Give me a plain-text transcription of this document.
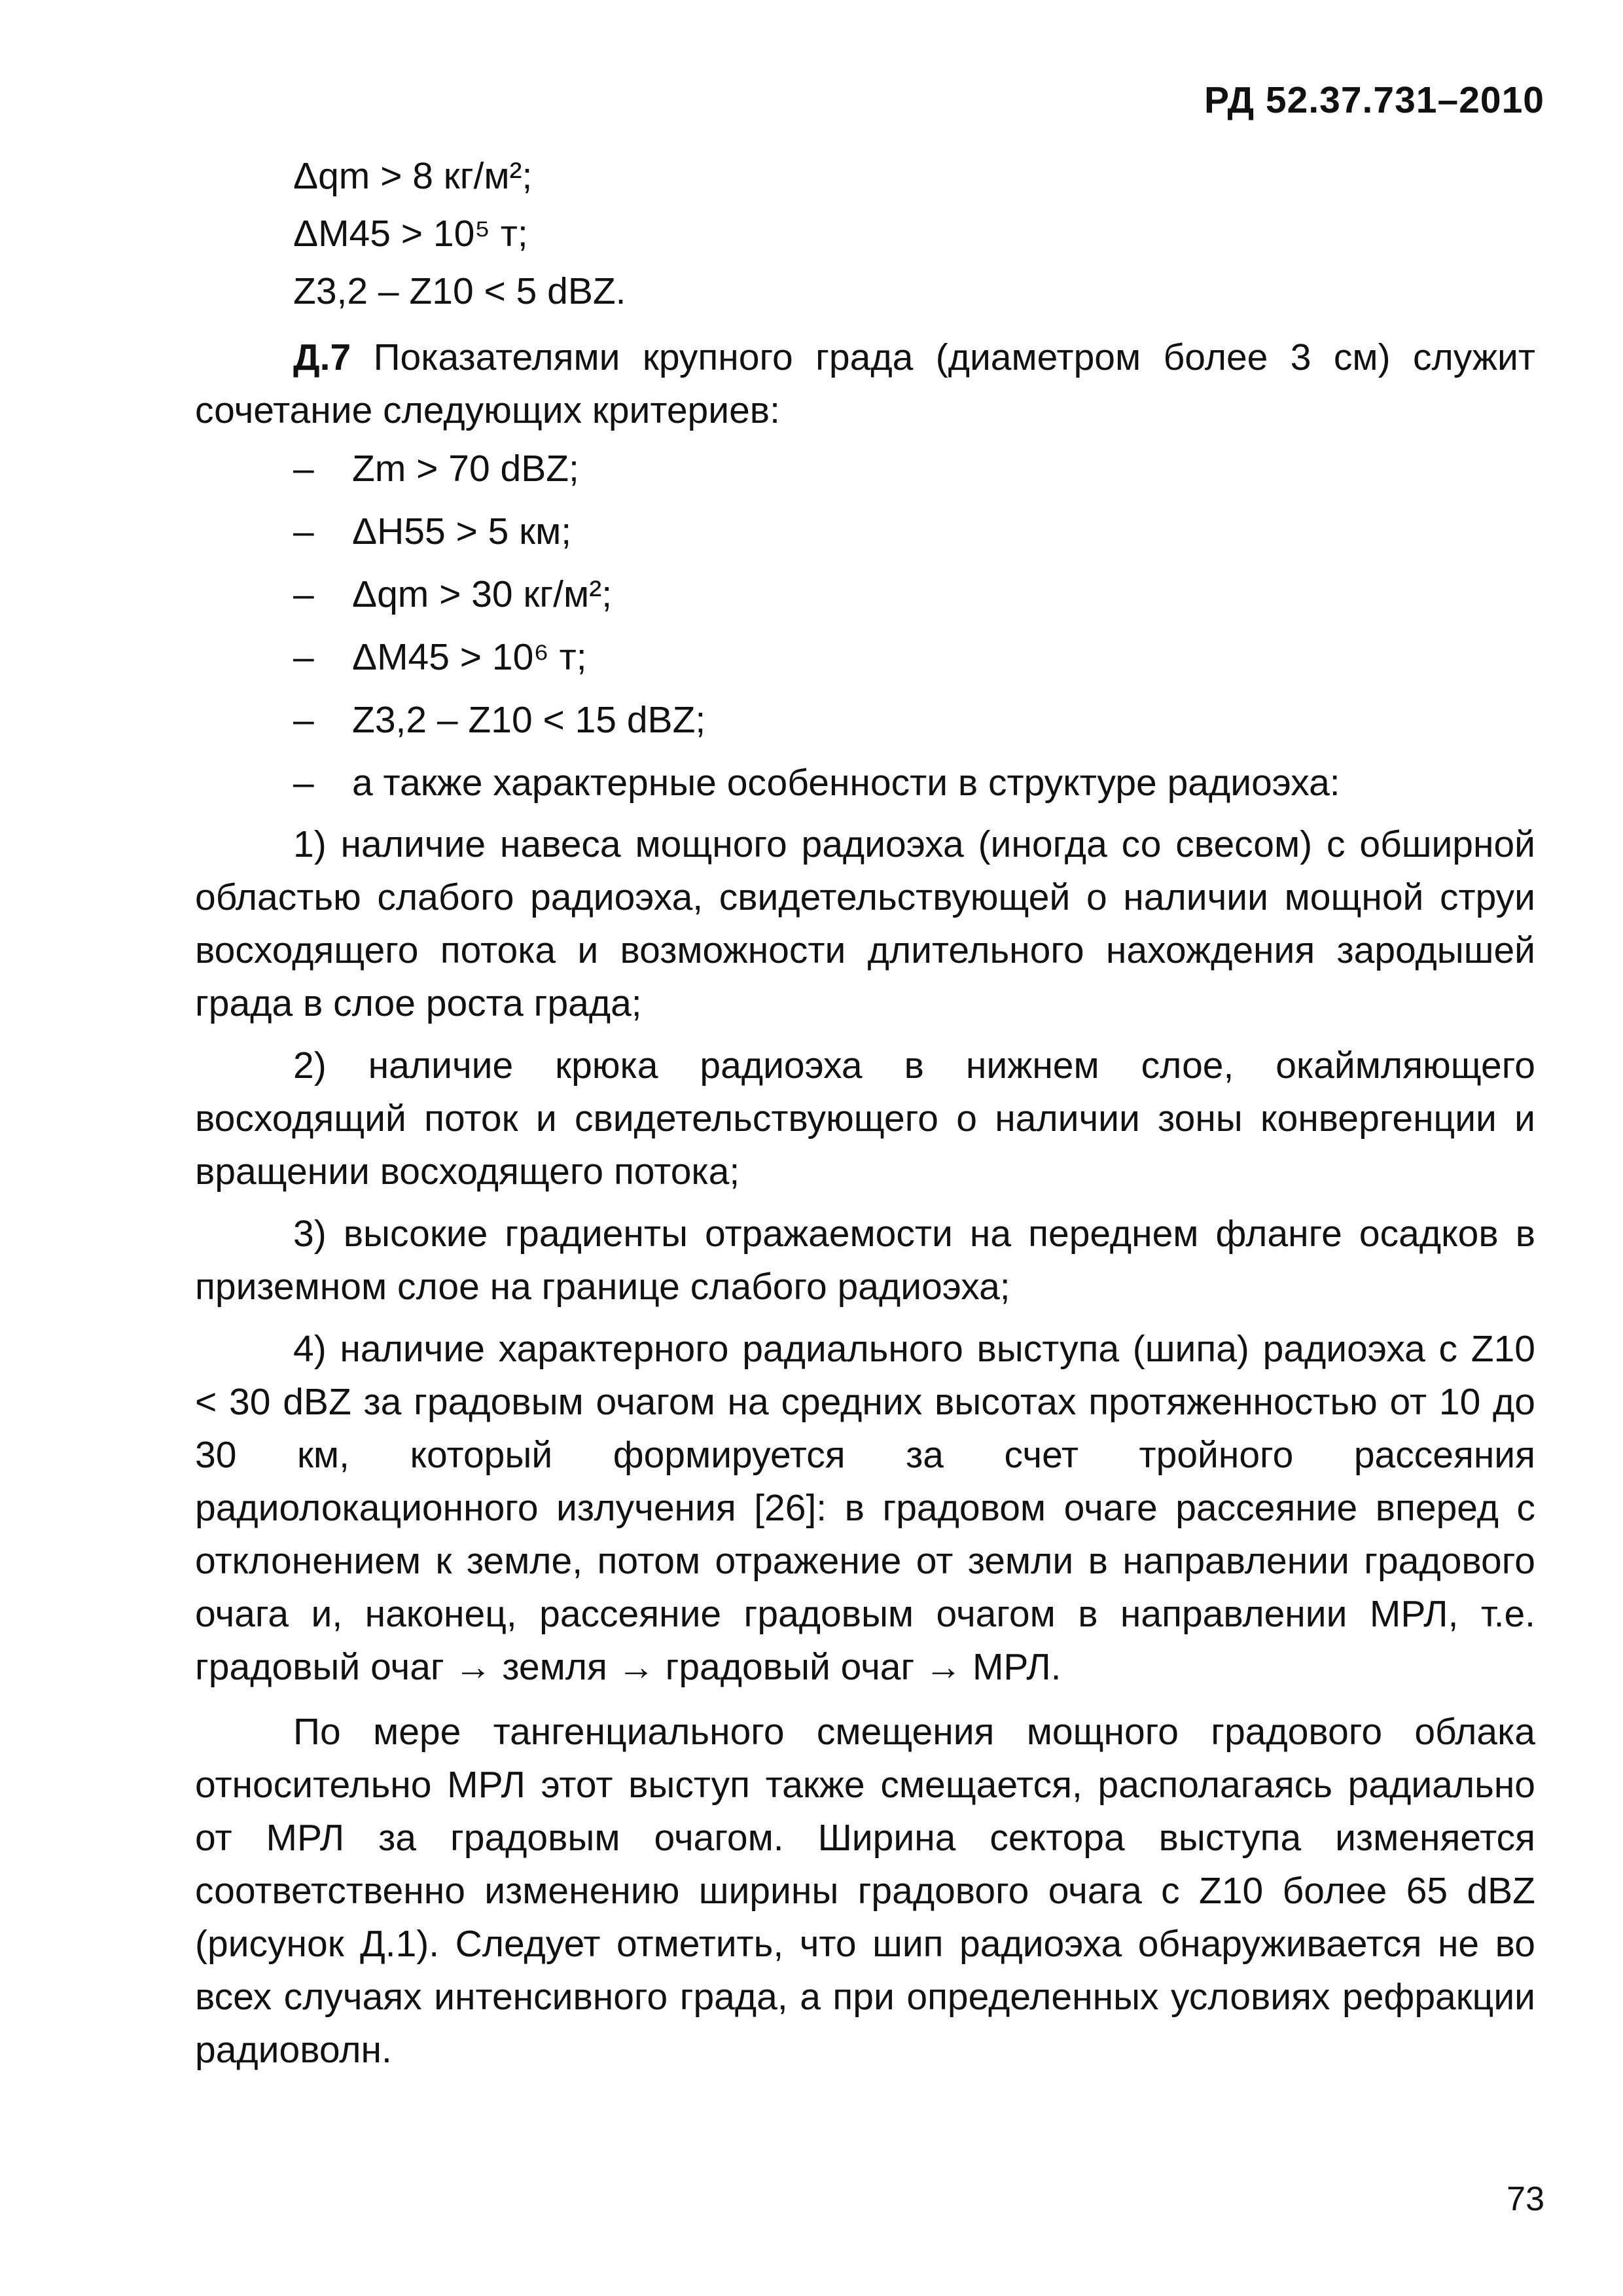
РД 52.37.731–2010

Δqm > 8 кг/м²;

ΔM45 > 10⁵ т;

Z3,2 – Z10 < 5 dBZ.

Д.7 Показателями крупного града (диаметром более 3 см) служит сочетание следующих критериев:

– Zm > 70 dBZ;
– ΔH55 > 5 км;
– Δqm > 30 кг/м²;
– ΔM45 > 10⁶ т;
– Z3,2 – Z10 < 15 dBZ;
– а также характерные особенности в структуре радиоэха:

1) наличие навеса мощного радиоэха (иногда со свесом) с обширной областью слабого радиоэха, свидетельствующей о наличии мощной струи восходящего потока и возможности длительного нахождения зародышей града в слое роста града;

2) наличие крюка радиоэха в нижнем слое, окаймляющего восходящий поток и свидетельствующего о наличии зоны конвергенции и вращении восходящего потока;

3) высокие градиенты отражаемости на переднем фланге осадков в приземном слое на границе слабого радиоэха;

4) наличие характерного радиального выступа (шипа) радиоэха с Z10 < 30 dBZ за градовым очагом на средних высотах протяженностью от 10 до 30 км, который формируется за счет тройного рассеяния радиолокационного излучения [26]: в градовом очаге рассеяние вперед с отклонением к земле, потом отражение от земли в направлении градового очага и, наконец, рассеяние градовым очагом в направлении МРЛ, т.е. градовый очаг → земля → градовый очаг → МРЛ.

По мере тангенциального смещения мощного градового облака относительно МРЛ этот выступ также смещается, располагаясь радиально от МРЛ за градовым очагом. Ширина сектора выступа изменяется соответственно изменению ширины градового очага с Z10 более 65 dBZ (рисунок Д.1). Следует отметить, что шип радиоэха обнаруживается не во всех случаях интенсивного града, а при определенных условиях рефракции радиоволн.

73
